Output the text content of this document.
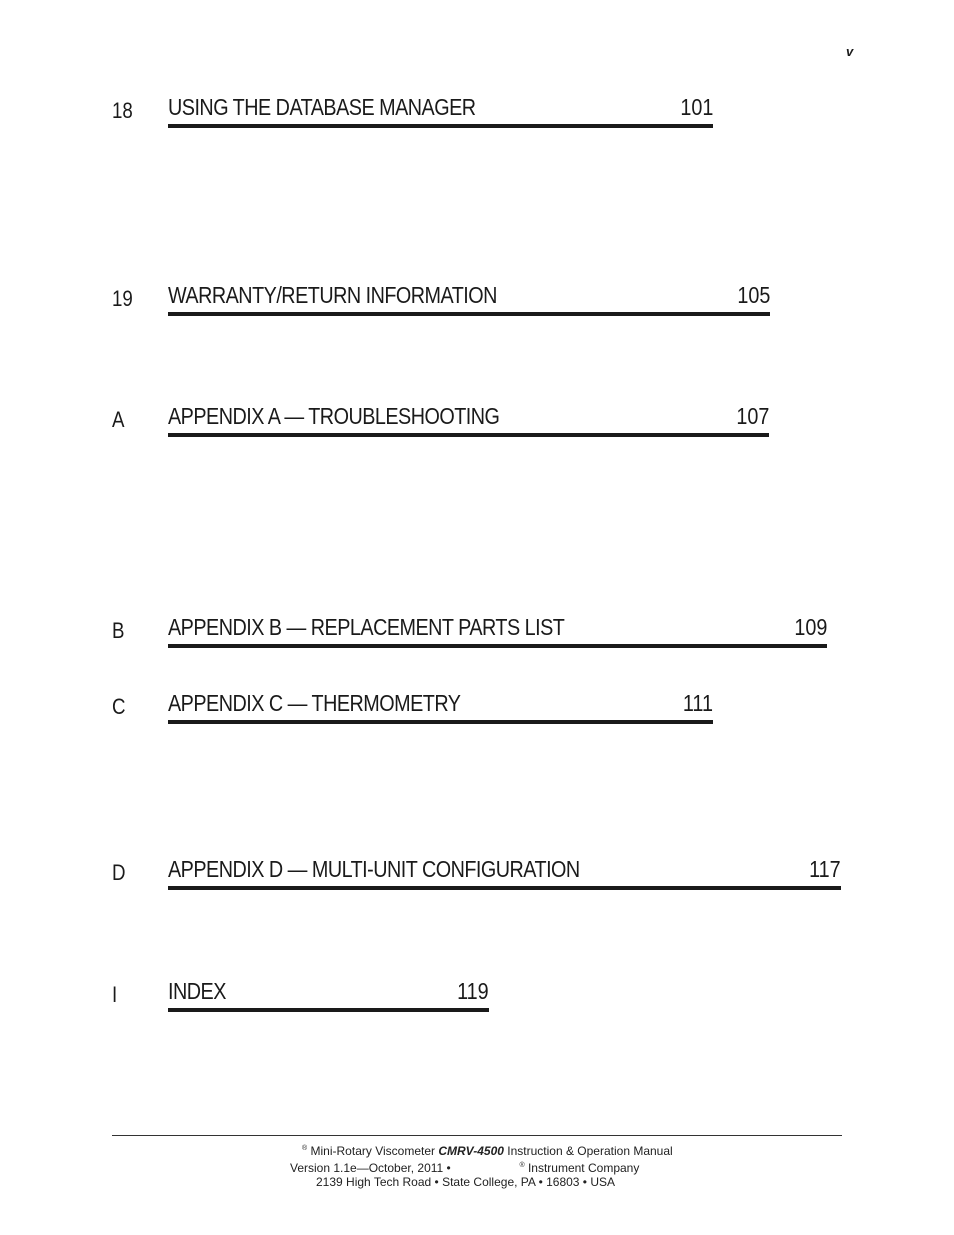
v
18 USING THE DATABASE MANAGER	101
19 WARRANTY/RETURN INFORMATION	105
A APPENDIX A — TROUBLESHOOTING	107
B APPENDIX B — REPLACEMENT PARTS LIST	109
C APPENDIX C — THERMOMETRY	111
D APPENDIX D — MULTI-UNIT CONFIGURATION	117
I INDEX	119
® Mini-Rotary Viscometer CMRV-4500 Instruction & Operation Manual
Version 1.1e—October, 2011 •	® Instrument Company
2139 High Tech Road • State College, PA • 16803 • USA
